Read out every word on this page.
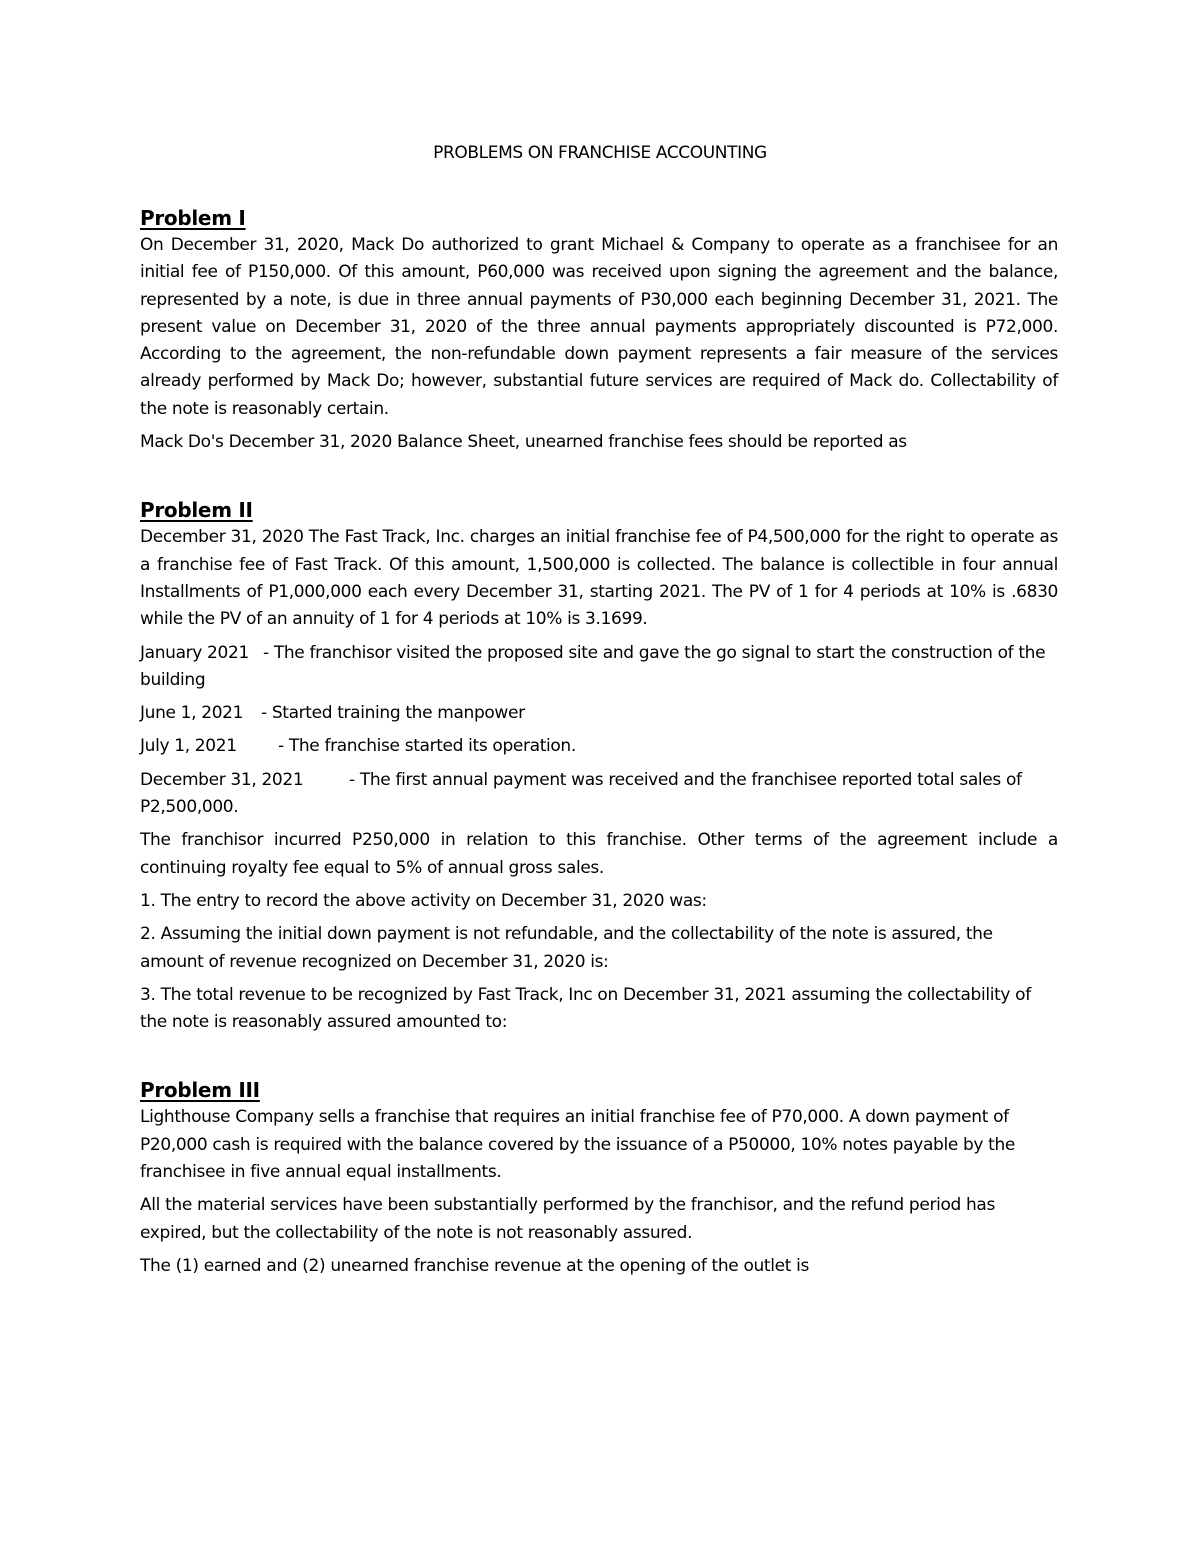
PROBLEMS ON FRANCHISE ACCOUNTING
Problem I

On December 31, 2020, Mack Do authorized to grant Michael & Company to operate as a franchisee for an initial fee of P150,000. Of this amount, P60,000 was received upon signing the agreement and the balance, represented by a note, is due in three annual payments of P30,000 each beginning December 31, 2021. The present value on December 31, 2020 of the three annual payments appropriately discounted is P72,000. According to the agreement, the non-refundable down payment represents a fair measure of the services already performed by Mack Do; however, substantial future services are required of Mack do. Collectability of the note is reasonably certain.

Mack Do's December 31, 2020 Balance Sheet, unearned franchise fees should be reported as

Problem II

December 31, 2020 The Fast Track, Inc. charges an initial franchise fee of P4,500,000 for the right to operate as a franchise fee of Fast Track. Of this amount, 1,500,000 is collected. The balance is collectible in four annual Installments of P1,000,000 each every December 31, starting 2021. The PV of 1 for 4 periods at 10% is .6830 while the PV of an annuity of 1 for 4 periods at 10% is 3.1699.

January 2021 - The franchisor visited the proposed site and gave the go signal to start the construction of the building
June 1, 2021 - Started training the manpower
July 1, 2021 - The franchise started its operation.
December 31, 2021	- The first annual payment was received and the franchisee reported total sales of P2,500,000.

The franchisor incurred P250,000 in relation to this franchise. Other terms of the agreement include a continuing royalty fee equal to 5% of annual gross sales.

1. The entry to record the above activity on December 31, 2020 was:

2. Assuming the initial down payment is not refundable, and the collectability of the note is assured, the amount of revenue recognized on December 31, 2020 is:

3. The total revenue to be recognized by Fast Track, Inc on December 31, 2021 assuming the collectability of the note is reasonably assured amounted to:

Problem III

Lighthouse Company sells a franchise that requires an initial franchise fee of P70,000. A down payment of P20,000 cash is required with the balance covered by the issuance of a P50000, 10% notes payable by the franchisee in five annual equal installments.

All the material services have been substantially performed by the franchisor, and the refund period has expired, but the collectability of the note is not reasonably assured.

The (1) earned and (2) unearned franchise revenue at the opening of the outlet is
